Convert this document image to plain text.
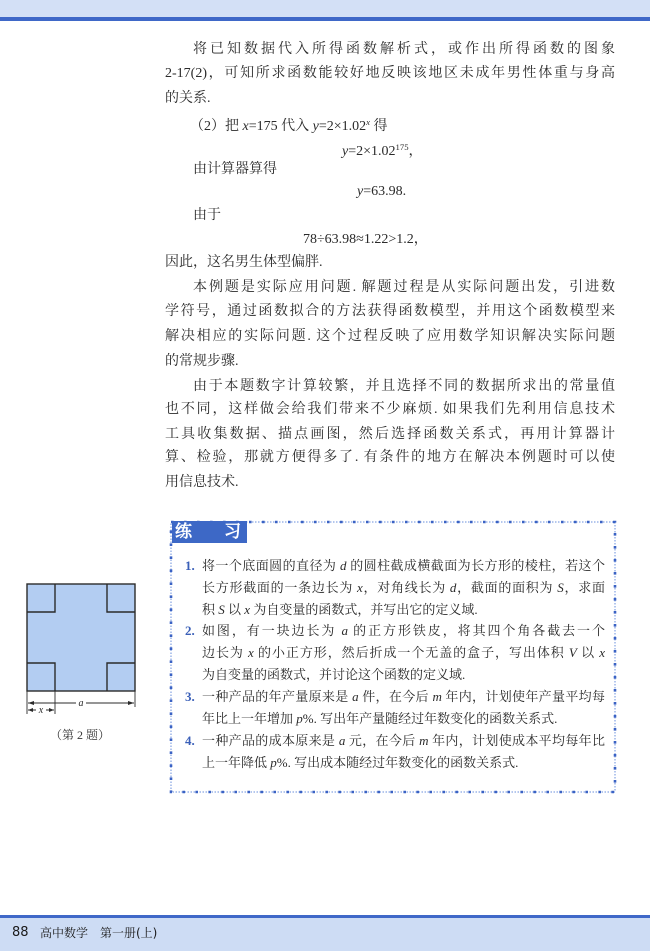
将已知数据代入所得函数解析式，或作出所得函数的图象
2-17(2)，可知所求函数能较好地反映该地区未成年男性体重与身高
的关系.
（2）把 x=175 代入 $y=2\times 1.02^x$ 得
$y=2\times 1.02^{175}$，
由计算器算得
y=63.98.
由于
78÷63.98≈1.22>1.2，
因此，这名男生体型偏胖.
本例题是实际应用问题. 解题过程是从实际问题出发，引进数
学符号，通过函数拟合的方法获得函数模型，并用这个函数模型来
解决相应的实际问题. 这个过程反映了应用数学知识解决实际问题
的常规步骤.
由于本题数字计算较繁，并且选择不同的数据所求出的常量值
也不同，这样做会给我们带来不少麻烦. 如果我们先利用信息技术
工具收集数据、描点画图，然后选择函数关系式，再用计算器计
算、检验，那就方便得多了. 有条件的地方在解决本例题时可以使
用信息技术.
练 习
1. 将一个底面圆的直径为 d 的圆柱截成横截面为长方形的棱柱，若这个
长方形截面的一条边长为 x，对角线长为 d，截面的面积为 S，求面
积 S 以 x 为自变量的函数式，并写出它的定义域.
2. 如图，有一块边长为 a 的正方形铁皮，将其四个角各截去一个
边长为 x 的小正方形，然后折成一个无盖的盒子，写出体积 V 以 x
为自变量的函数式，并讨论这个函数的定义域.
3. 一种产品的年产量原来是 a 件，在今后 m 年内，计划使年产量平均每
年比上一年增加 p%. 写出年产量随经过年数变化的函数关系式.
4. 一种产品的成本原来是 a 元，在今后 m 年内，计划使成本平均每年比
上一年降低 p%. 写出成本随经过年数变化的函数关系式.
a
x
（第 2 题）
88 高中数学　第一册(上)
